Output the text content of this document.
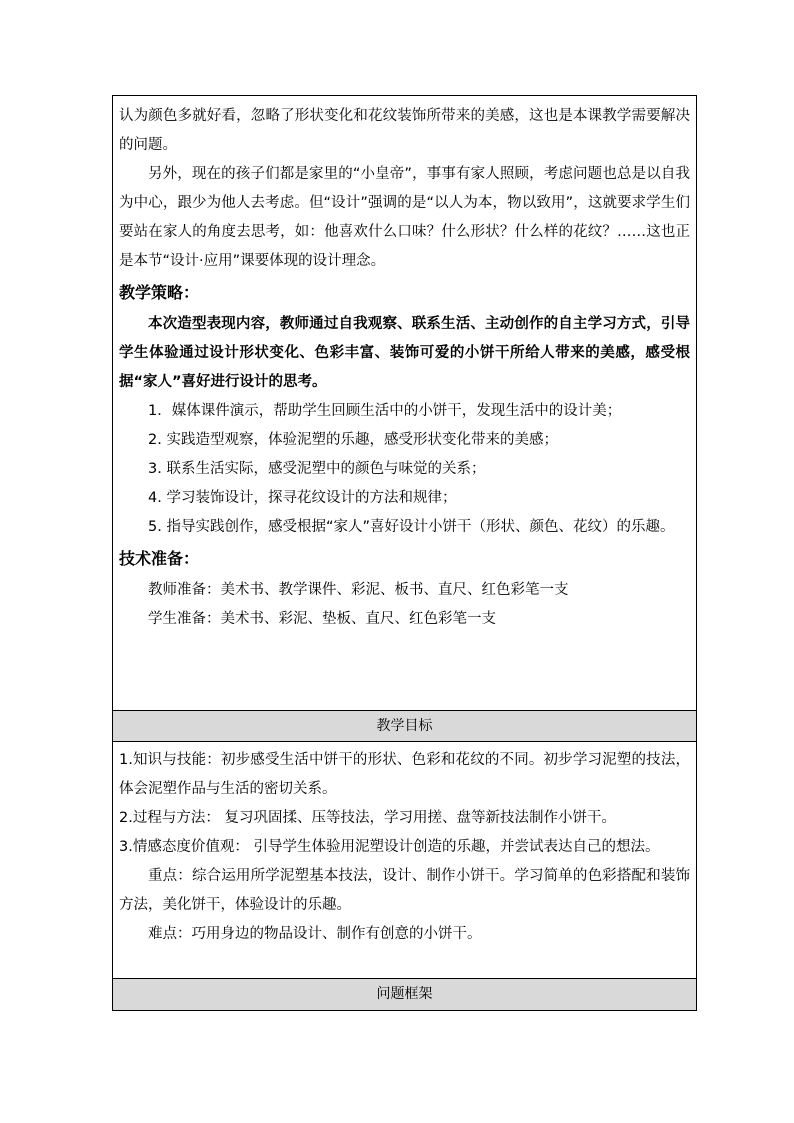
认为颜色多就好看，忽略了形状变化和花纹装饰所带来的美感，这也是本课教学需要解决的问题。

另外，现在的孩子们都是家里的“小皇帝”，事事有家人照顾，考虑问题也总是以自我为中心，跟少为他人去考虑。但“设计”强调的是“以人为本，物以致用”，这就要求学生们要站在家人的角度去思考，如：他喜欢什么口味？什么形状？什么样的花纹？……这也正是本节“设计·应用”课要体现的设计理念。

教学策略：

本次造型表现内容，教师通过自我观察、联系生活、主动创作的自主学习方式，引导学生体验通过设计形状变化、色彩丰富、装饰可爱的小饼干所给人带来的美感，感受根据“家人”喜好进行设计的思考。

1．媒体课件演示，帮助学生回顾生活中的小饼干，发现生活中的设计美；

2. 实践造型观察，体验泥塑的乐趣，感受形状变化带来的美感；

3. 联系生活实际，感受泥塑中的颜色与味觉的关系；

4. 学习装饰设计，探寻花纹设计的方法和规律；

5. 指导实践创作，感受根据“家人”喜好设计小饼干（形状、颜色、花纹）的乐趣。

技术准备：

教师准备：美术书、教学课件、彩泥、板书、直尺、红色彩笔一支

学生准备：美术书、彩泥、垫板、直尺、红色彩笔一支

教学目标

1.知识与技能：初步感受生活中饼干的形状、色彩和花纹的不同。初步学习泥塑的技法，体会泥塑作品与生活的密切关系。

2.过程与方法： 复习巩固揉、压等技法，学习用搓、盘等新技法制作小饼干。

3.情感态度价值观： 引导学生体验用泥塑设计创造的乐趣，并尝试表达自己的想法。

重点：综合运用所学泥塑基本技法，设计、制作小饼干。学习简单的色彩搭配和装饰方法，美化饼干，体验设计的乐趣。

难点：巧用身边的物品设计、制作有创意的小饼干。

问题框架
